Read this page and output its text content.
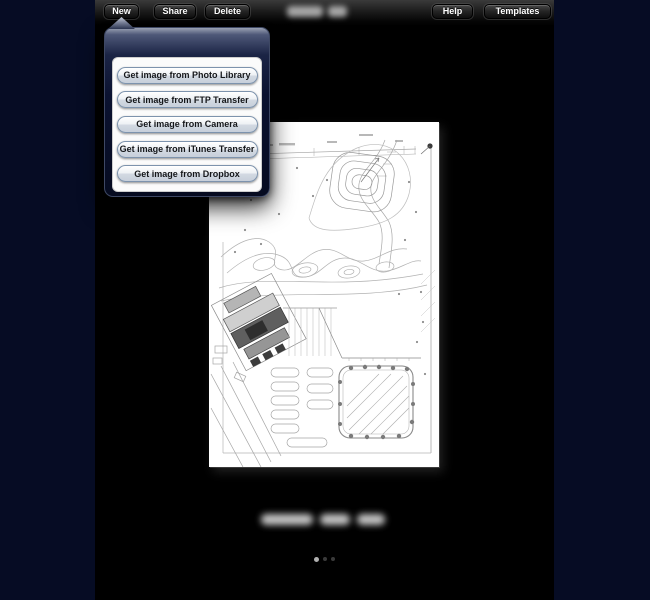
New	Share	Delete	Help	Templates
Get image from Photo Library
Get image from FTP Transfer
Get image from Camera
Get image from iTunes Transfer
Get image from Dropbox
